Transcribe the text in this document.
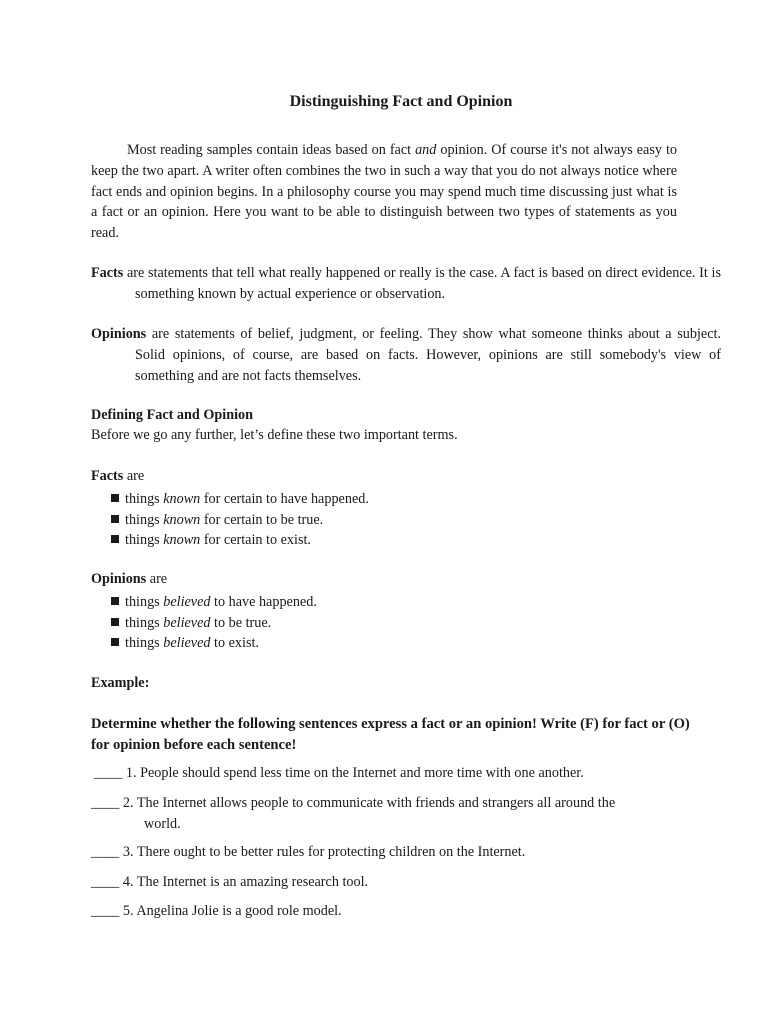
Distinguishing Fact and Opinion

Most reading samples contain ideas based on fact and opinion. Of course it's not always easy to keep the two apart. A writer often combines the two in such a way that you do not always notice where fact ends and opinion begins. In a philosophy course you may spend much time discussing just what is a fact or an opinion. Here you want to be able to distinguish between two types of statements as you read.

Facts are statements that tell what really happened or really is the case. A fact is based on direct evidence. It is something known by actual experience or observation.

Opinions are statements of belief, judgment, or feeling. They show what someone thinks about a subject. Solid opinions, of course, are based on facts. However, opinions are still somebody's view of something and are not facts themselves.

Defining Fact and Opinion
Before we go any further, let’s define these two important terms.
Facts are
things known for certain to have happened.
things known for certain to be true.
things known for certain to exist.
Opinions are
things believed to have happened.
things believed to be true.
things believed to exist.
Example:
Determine whether the following sentences express a fact or an opinion! Write (F) for fact or (O) for opinion before each sentence!
____ 1. People should spend less time on the Internet and more time with one another.
____ 2. The Internet allows people to communicate with friends and strangers all around the
world.
____ 3. There ought to be better rules for protecting children on the Internet.
____ 4. The Internet is an amazing research tool.
____ 5. Angelina Jolie is a good role model.
